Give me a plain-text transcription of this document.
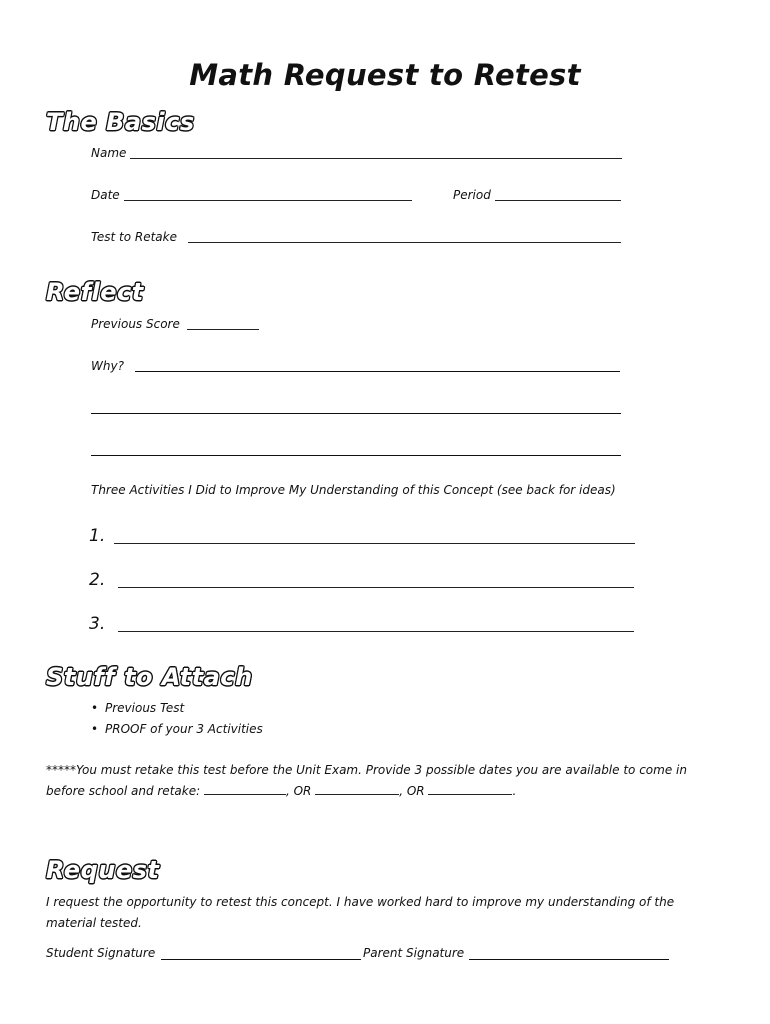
Math Request to Retest
The Basics
Name
Date	Period
Test to Retake
Reflect
Previous Score
Why?
Three Activities I Did to Improve My Understanding of this Concept (see back for ideas)
1.
2.
3.
Stuff to Attach
• Previous Test
• PROOF of your 3 Activities
*****You must retake this test before the Unit Exam. Provide 3 possible dates you are available to come in
before school and retake:	, OR	, OR	.
Request
I request the opportunity to retest this concept. I have worked hard to improve my understanding of the material tested.
Student Signature	Parent Signature
